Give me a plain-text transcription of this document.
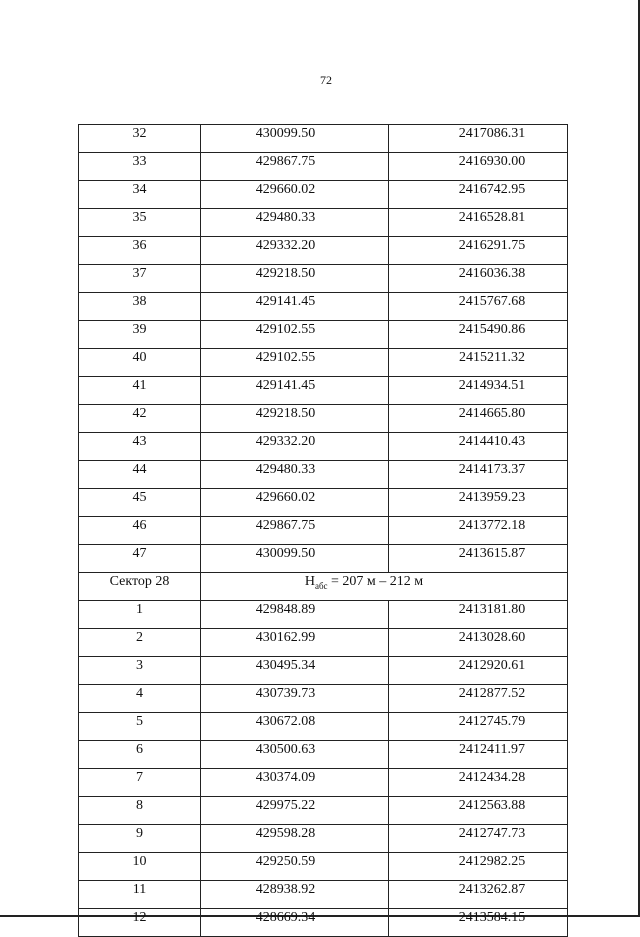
72
32	430099.50	2417086.31
33	429867.75	2416930.00
34	429660.02	2416742.95
35	429480.33	2416528.81
36	429332.20	2416291.75
37	429218.50	2416036.38
38	429141.45	2415767.68
39	429102.55	2415490.86
40	429102.55	2415211.32
41	429141.45	2414934.51
42	429218.50	2414665.80
43	429332.20	2414410.43
44	429480.33	2414173.37
45	429660.02	2413959.23
46	429867.75	2413772.18
47	430099.50	2413615.87
Сектор 28	$H_{абс} = 207$ м – 212 м	
1	429848.89	2413181.80
2	430162.99	2413028.60
3	430495.34	2412920.61
4	430739.73	2412877.52
5	430672.08	2412745.79
6	430500.63	2412411.97
7	430374.09	2412434.28
8	429975.22	2412563.88
9	429598.28	2412747.73
10	429250.59	2412982.25
11	428938.92	2413262.87
12	428669.34	2413584.15
